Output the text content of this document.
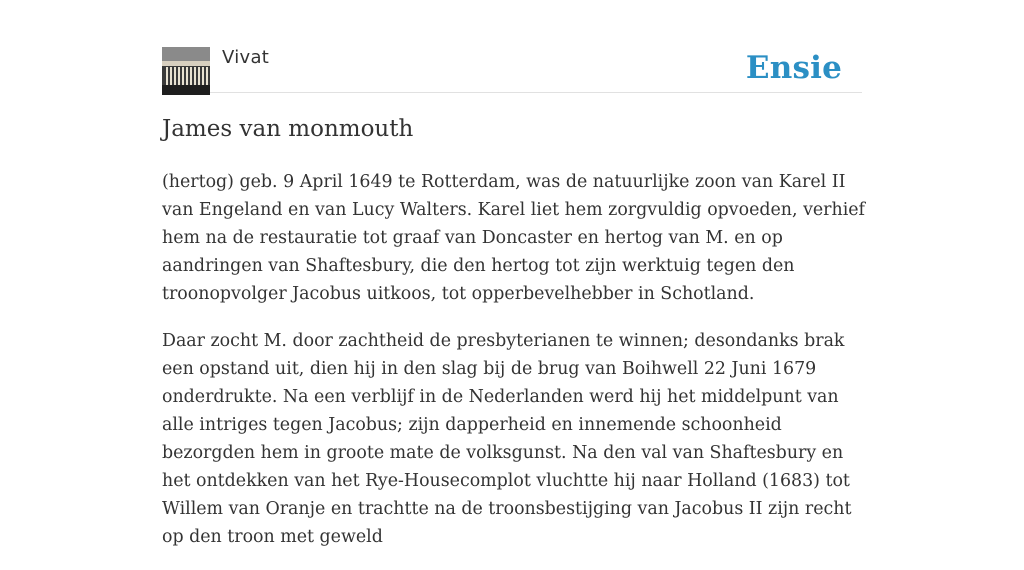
Vivat	Ensie
James van monmouth

(hertog) geb. 9 April 1649 te Rotterdam, was de natuurlijke zoon van Karel II van Engeland en van Lucy Walters. Karel liet hem zorgvuldig opvoeden, verhief hem na de restauratie tot graaf van Doncaster en hertog van M. en op aandringen van Shaftesbury, die den hertog tot zijn werktuig tegen den troonopvolger Jacobus uitkoos, tot opperbevelhebber in Schotland.

Daar zocht M. door zachtheid de presbyterianen te winnen; desondanks brak een opstand uit, dien hij in den slag bij de brug van Boihwell 22 Juni 1679 onderdrukte. Na een verblijf in de Nederlanden werd hij het middelpunt van alle intriges tegen Jacobus; zijn dapperheid en innemende schoonheid bezorgden hem in groote mate de volksgunst. Na den val van Shaftesbury en het ontdekken van het Rye-Housecomplot vluchtte hij naar Holland (1683) tot Willem van Oranje en trachtte na de troonsbestijging van Jacobus II zijn recht op den troon met geweld
